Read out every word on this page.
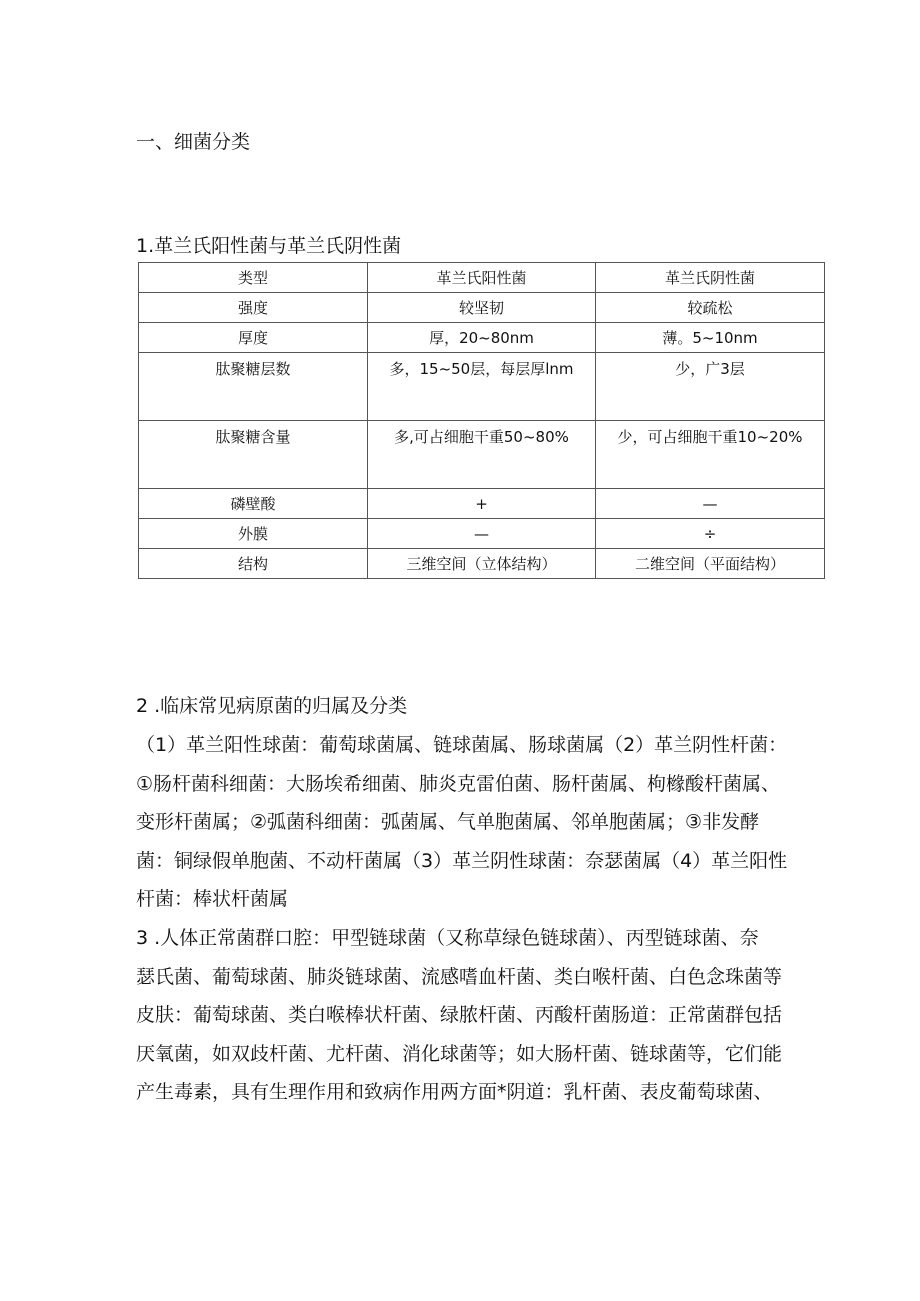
一、细菌分类
1.革兰氏阳性菌与革兰氏阴性菌
类型	革兰氏阳性菌	革兰氏阴性菌
强度	较坚韧	较疏松
厚度	厚，20~80nm	薄。5~10nm
肽聚糖层数	多，15~50层，每层厚lnm	少，广3层
肽聚糖含量	多,可占细胞干重50~80%	少，可占细胞干重10~20%
磷壁酸	+	—
外膜	—	÷
结构	三维空间（立体结构）	二维空间（平面结构）
2 .临床常见病原菌的归属及分类
（1）革兰阳性球菌：葡萄球菌属、链球菌属、肠球菌属（2）革兰阴性杆菌：
①肠杆菌科细菌：大肠埃希细菌、肺炎克雷伯菌、肠杆菌属、枸橼酸杆菌属、
变形杆菌属；②弧菌科细菌：弧菌属、气单胞菌属、邻单胞菌属；③非发酵
菌：铜绿假单胞菌、不动杆菌属（3）革兰阴性球菌：奈瑟菌属（4）革兰阳性
杆菌：棒状杆菌属
3 .人体正常菌群口腔：甲型链球菌（又称草绿色链球菌）、丙型链球菌、奈
瑟氏菌、葡萄球菌、肺炎链球菌、流感嗜血杆菌、类白喉杆菌、白色念珠菌等
皮肤：葡萄球菌、类白喉棒状杆菌、绿脓杆菌、丙酸杆菌肠道：正常菌群包括
厌氧菌，如双歧杆菌、尤杆菌、消化球菌等；如大肠杆菌、链球菌等，它们能
产生毒素，具有生理作用和致病作用两方面*阴道：乳杆菌、表皮葡萄球菌、
